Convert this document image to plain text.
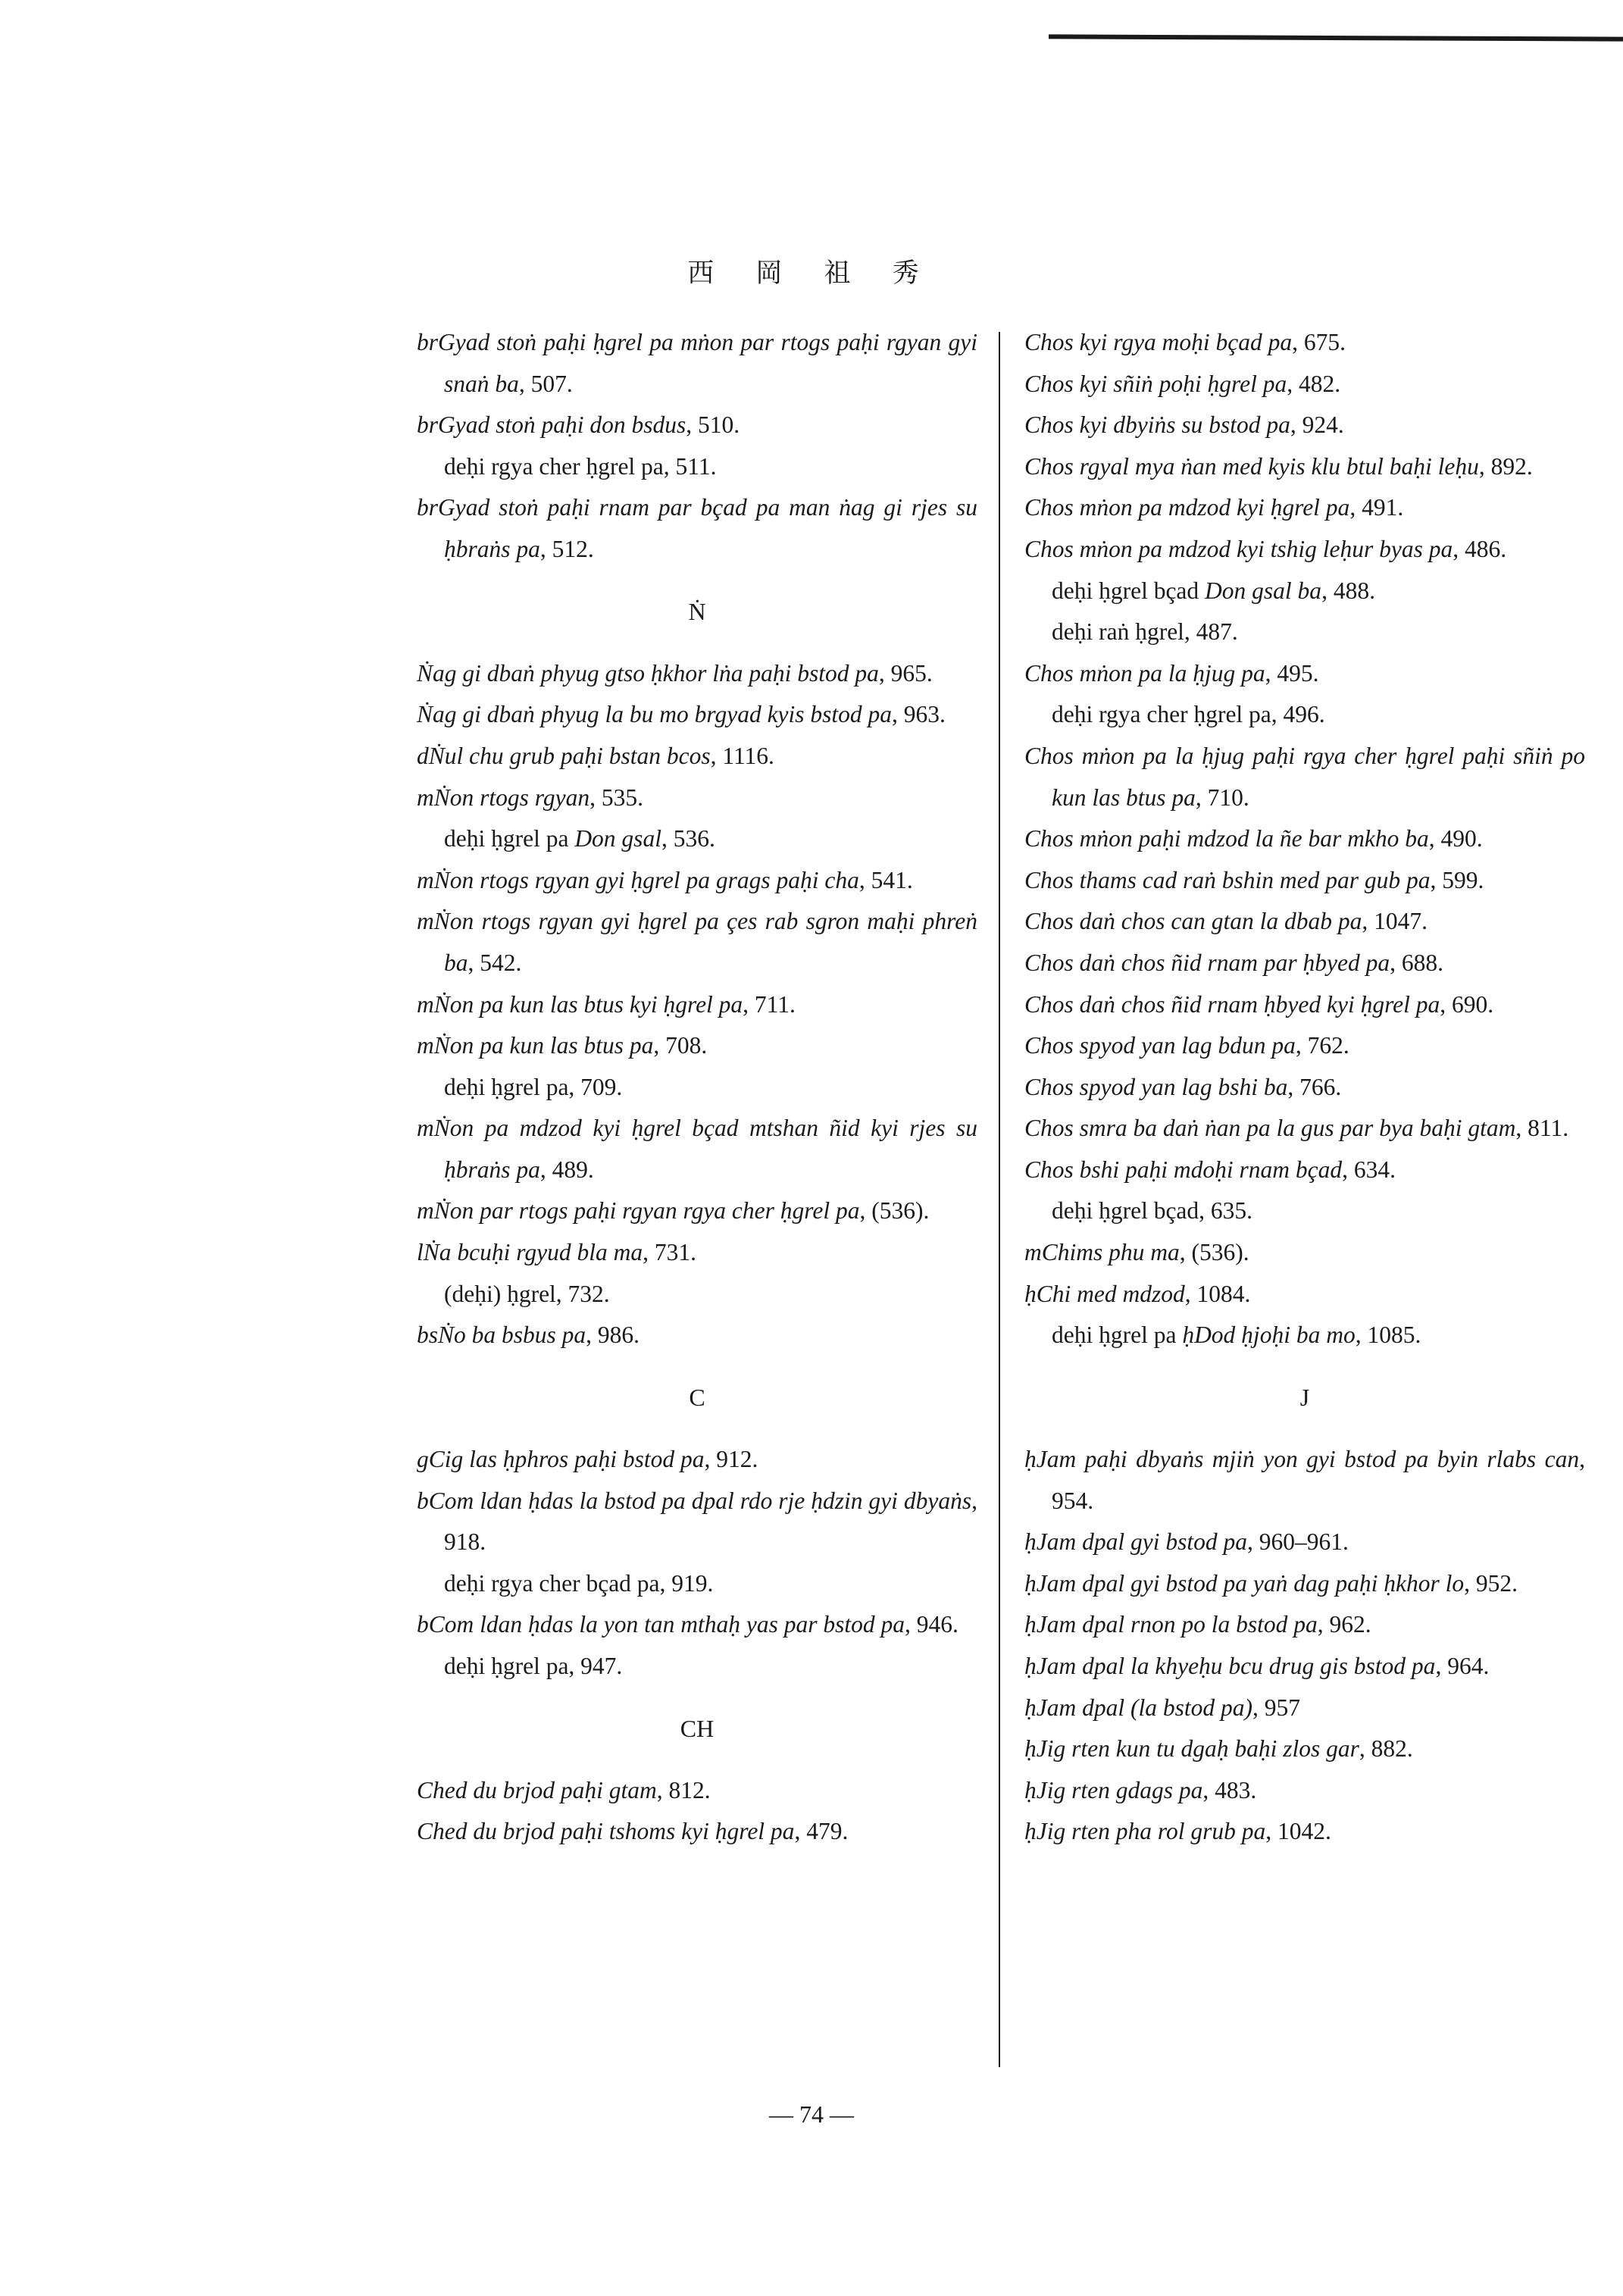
西 岡 祖 秀
brGyad stoṅ paḥi ḥgrel pa mṅon par rtogs paḥi rgyan gyi snaṅ ba, 507.
brGyad stoṅ paḥi don bsdus, 510.
deḥi rgya cher ḥgrel pa, 511.
brGyad stoṅ paḥi rnam par bçad pa man ṅag gi rjes su ḥbraṅs pa, 512.
Ṅ
Ṅag gi dbaṅ phyug gtso ḥkhor lṅa paḥi bstod pa, 965.
Ṅag gi dbaṅ phyug la bu mo brgyad kyis bstod pa, 963.
dṄul chu grub paḥi bstan bcos, 1116.
mṄon rtogs rgyan, 535.
deḥi ḥgrel pa Don gsal, 536.
mṄon rtogs rgyan gyi ḥgrel pa grags paḥi cha, 541.
mṄon rtogs rgyan gyi ḥgrel pa çes rab sgron maḥi phreṅ ba, 542.
mṄon pa kun las btus kyi ḥgrel pa, 711.
mṄon pa kun las btus pa, 708.
deḥi ḥgrel pa, 709.
mṄon pa mdzod kyi ḥgrel bçad mtshan ñid kyi rjes su ḥbraṅs pa, 489.
mṄon par rtogs paḥi rgyan rgya cher ḥgrel pa, (536).
lṄa bcuḥi rgyud bla ma, 731.
(deḥi) ḥgrel, 732.
bsṄo ba bsbus pa, 986.
C
gCig las ḥphros paḥi bstod pa, 912.
bCom ldan ḥdas la bstod pa dpal rdo rje ḥdzin gyi dbyaṅs, 918.
deḥi rgya cher bçad pa, 919.
bCom ldan ḥdas la yon tan mthaḥ yas par bstod pa, 946.
deḥi ḥgrel pa, 947.
CH
Ched du brjod paḥi gtam, 812.
Ched du brjod paḥi tshoms kyi ḥgrel pa, 479.
Chos kyi rgya moḥi bçad pa, 675.
Chos kyi sñiṅ poḥi ḥgrel pa, 482.
Chos kyi dbyiṅs su bstod pa, 924.
Chos rgyal mya ṅan med kyis klu btul baḥi leḥu, 892.
Chos mṅon pa mdzod kyi ḥgrel pa, 491.
Chos mṅon pa mdzod kyi tshig leḥur byas pa, 486.
deḥi ḥgrel bçad Don gsal ba, 488.
deḥi raṅ ḥgrel, 487.
Chos mṅon pa la ḥjug pa, 495.
deḥi rgya cher ḥgrel pa, 496.
Chos mṅon pa la ḥjug paḥi rgya cher ḥgrel paḥi sñiṅ po kun las btus pa, 710.
Chos mṅon paḥi mdzod la ñe bar mkho ba, 490.
Chos thams cad raṅ bshin med par gub pa, 599.
Chos daṅ chos can gtan la dbab pa, 1047.
Chos daṅ chos ñid rnam par ḥbyed pa, 688.
Chos daṅ chos ñid rnam ḥbyed kyi ḥgrel pa, 690.
Chos spyod yan lag bdun pa, 762.
Chos spyod yan lag bshi ba, 766.
Chos smra ba daṅ ṅan pa la gus par bya baḥi gtam, 811.
Chos bshi paḥi mdoḥi rnam bçad, 634.
deḥi ḥgrel bçad, 635.
mChims phu ma, (536).
ḥChi med mdzod, 1084.
deḥi ḥgrel pa ḥDod ḥjoḥi ba mo, 1085.
J
ḥJam paḥi dbyaṅs mjiṅ yon gyi bstod pa byin rlabs can, 954.
ḥJam dpal gyi bstod pa, 960–961.
ḥJam dpal gyi bstod pa yaṅ dag paḥi ḥkhor lo, 952.
ḥJam dpal rnon po la bstod pa, 962.
ḥJam dpal la khyeḥu bcu drug gis bstod pa, 964.
ḥJam dpal (la bstod pa), 957
ḥJig rten kun tu dgaḥ baḥi zlos gar, 882.
ḥJig rten gdags pa, 483.
ḥJig rten pha rol grub pa, 1042.
— 74 —
